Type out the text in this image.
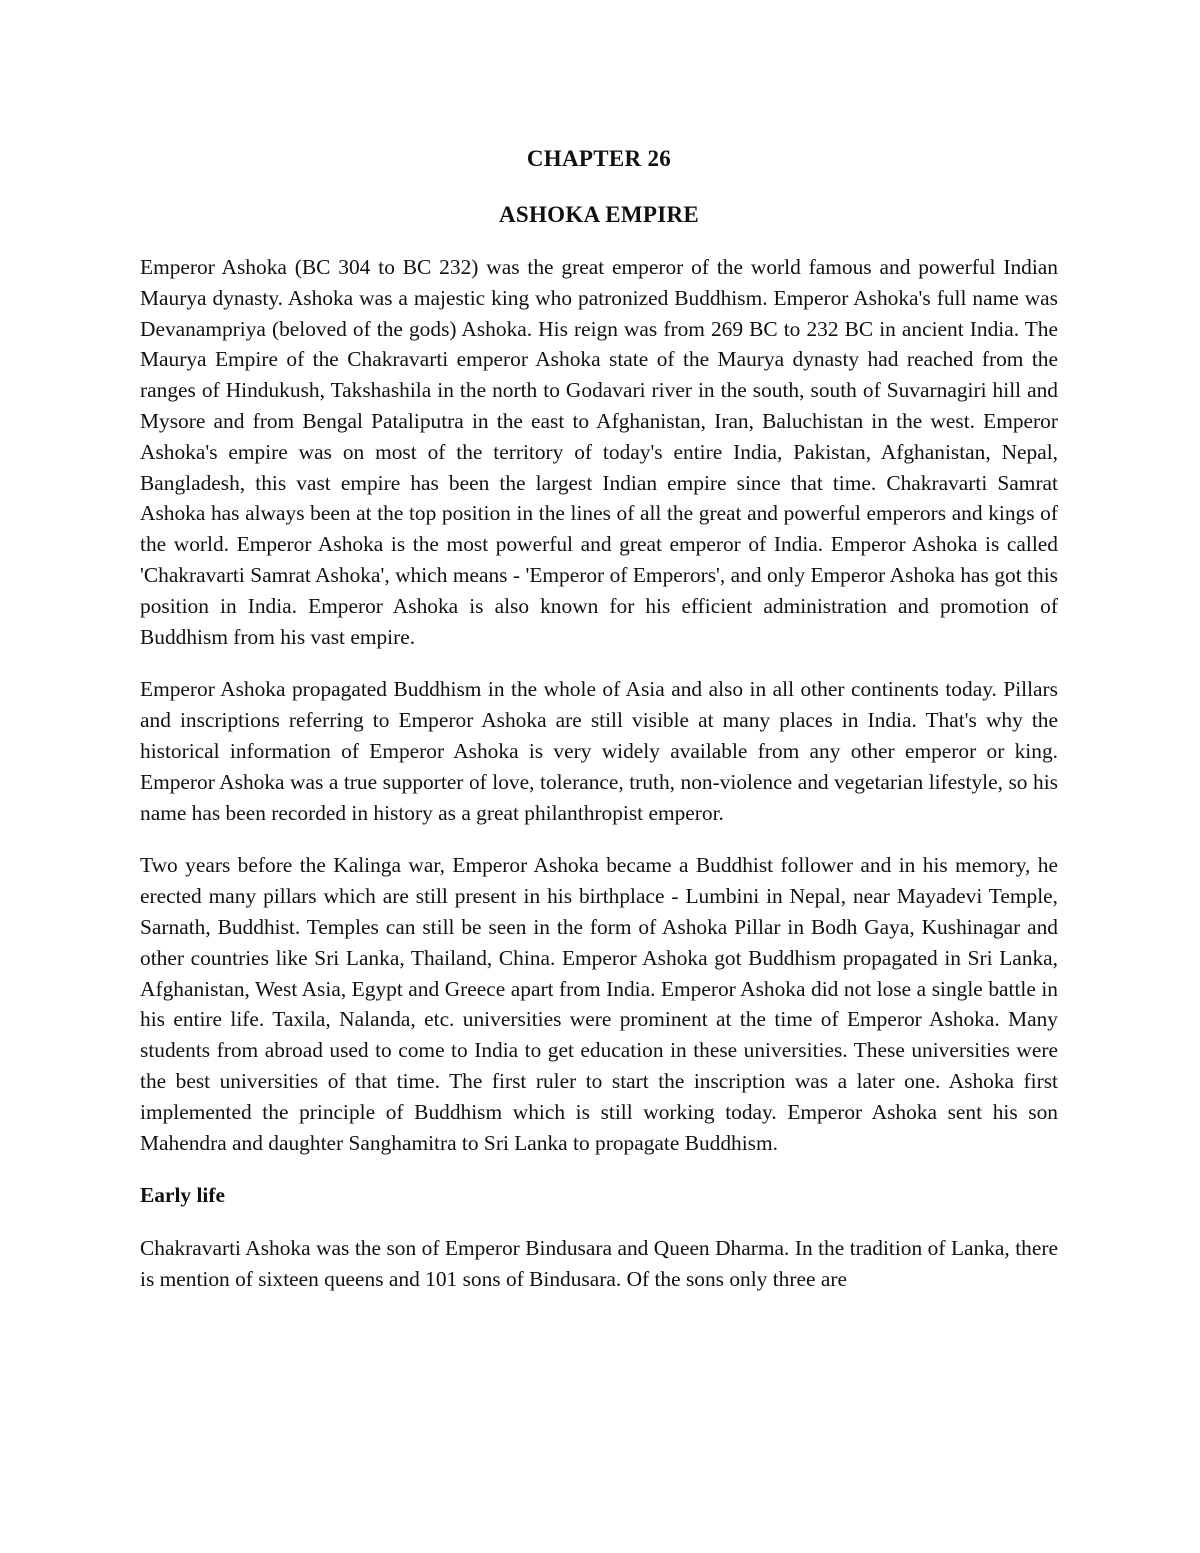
CHAPTER 26
ASHOKA EMPIRE

Emperor Ashoka (BC 304 to BC 232) was the great emperor of the world famous and powerful Indian Maurya dynasty. Ashoka was a majestic king who patronized Buddhism. Emperor Ashoka's full name was Devanampriya (beloved of the gods) Ashoka. His reign was from 269 BC to 232 BC in ancient India. The Maurya Empire of the Chakravarti emperor Ashoka state of the Maurya dynasty had reached from the ranges of Hindukush, Takshashila in the north to Godavari river in the south, south of Suvarnagiri hill and Mysore and from Bengal Pataliputra in the east to Afghanistan, Iran, Baluchistan in the west. Emperor Ashoka's empire was on most of the territory of today's entire India, Pakistan, Afghanistan, Nepal, Bangladesh, this vast empire has been the largest Indian empire since that time. Chakravarti Samrat Ashoka has always been at the top position in the lines of all the great and powerful emperors and kings of the world. Emperor Ashoka is the most powerful and great emperor of India. Emperor Ashoka is called 'Chakravarti Samrat Ashoka', which means - 'Emperor of Emperors', and only Emperor Ashoka has got this position in India. Emperor Ashoka is also known for his efficient administration and promotion of Buddhism from his vast empire.

Emperor Ashoka propagated Buddhism in the whole of Asia and also in all other continents today. Pillars and inscriptions referring to Emperor Ashoka are still visible at many places in India. That's why the historical information of Emperor Ashoka is very widely available from any other emperor or king. Emperor Ashoka was a true supporter of love, tolerance, truth, non-violence and vegetarian lifestyle, so his name has been recorded in history as a great philanthropist emperor.

Two years before the Kalinga war, Emperor Ashoka became a Buddhist follower and in his memory, he erected many pillars which are still present in his birthplace - Lumbini in Nepal, near Mayadevi Temple, Sarnath, Buddhist. Temples can still be seen in the form of Ashoka Pillar in Bodh Gaya, Kushinagar and other countries like Sri Lanka, Thailand, China. Emperor Ashoka got Buddhism propagated in Sri Lanka, Afghanistan, West Asia, Egypt and Greece apart from India. Emperor Ashoka did not lose a single battle in his entire life. Taxila, Nalanda, etc. universities were prominent at the time of Emperor Ashoka. Many students from abroad used to come to India to get education in these universities. These universities were the best universities of that time. The first ruler to start the inscription was a later one. Ashoka first implemented the principle of Buddhism which is still working today. Emperor Ashoka sent his son Mahendra and daughter Sanghamitra to Sri Lanka to propagate Buddhism.

Early life

Chakravarti Ashoka was the son of Emperor Bindusara and Queen Dharma. In the tradition of Lanka, there is mention of sixteen queens and 101 sons of Bindusara. Of the sons only three are
